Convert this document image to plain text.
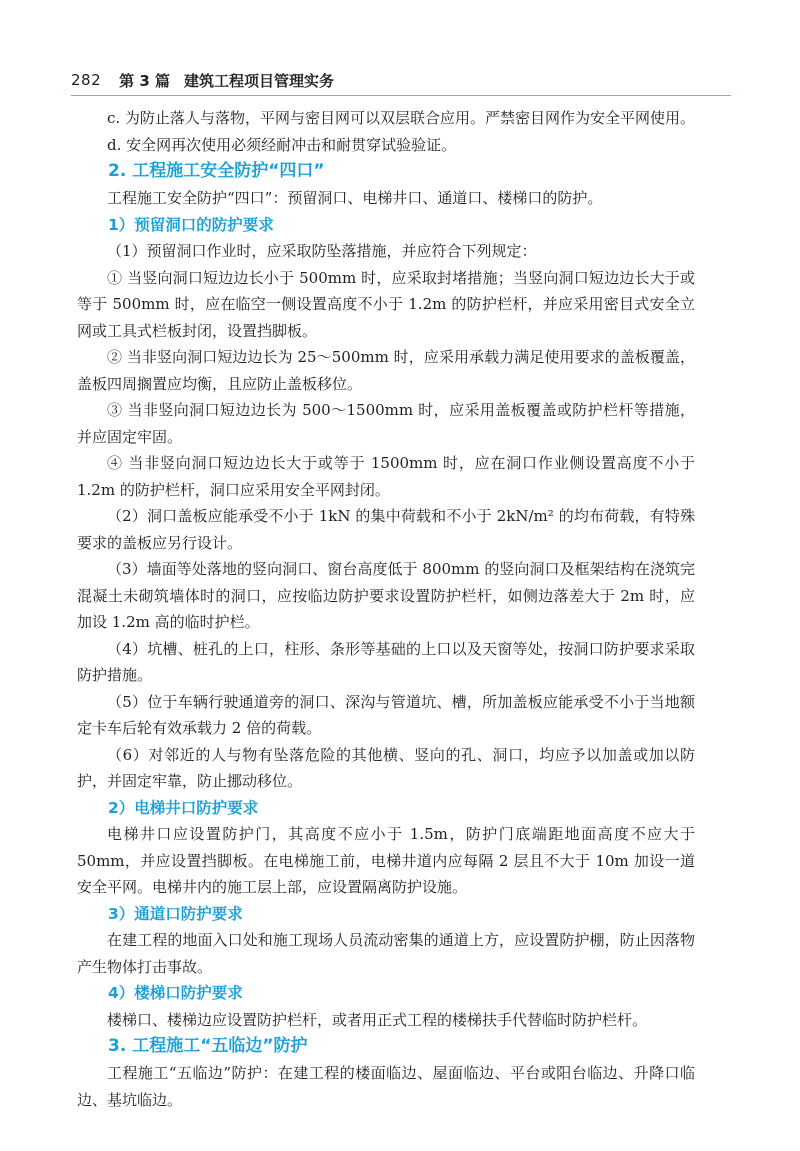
282 第 3 篇 建筑工程项目管理实务

c. 为防止落人与落物，平网与密目网可以双层联合应用。严禁密目网作为安全平网使用。

d. 安全网再次使用必须经耐冲击和耐贯穿试验验证。

2. 工程施工安全防护“四口”

工程施工安全防护“四口”：预留洞口、电梯井口、通道口、楼梯口的防护。

1）预留洞口的防护要求

（1）预留洞口作业时，应采取防坠落措施，并应符合下列规定：

① 当竖向洞口短边边长小于 500mm 时，应采取封堵措施；当竖向洞口短边边长大于或等于 500mm 时，应在临空一侧设置高度不小于 1.2m 的防护栏杆，并应采用密目式安全立网或工具式栏板封闭，设置挡脚板。

② 当非竖向洞口短边边长为 25～500mm 时，应采用承载力满足使用要求的盖板覆盖，盖板四周搁置应均衡，且应防止盖板移位。

③ 当非竖向洞口短边边长为 500～1500mm 时，应采用盖板覆盖或防护栏杆等措施，并应固定牢固。

④ 当非竖向洞口短边边长大于或等于 1500mm 时，应在洞口作业侧设置高度不小于 1.2m 的防护栏杆，洞口应采用安全平网封闭。

（2）洞口盖板应能承受不小于 1kN 的集中荷载和不小于 2kN/m² 的均布荷载，有特殊要求的盖板应另行设计。

（3）墙面等处落地的竖向洞口、窗台高度低于 800mm 的竖向洞口及框架结构在浇筑完混凝土未砌筑墙体时的洞口，应按临边防护要求设置防护栏杆，如侧边落差大于 2m 时，应加设 1.2m 高的临时护栏。

（4）坑槽、桩孔的上口，柱形、条形等基础的上口以及天窗等处，按洞口防护要求采取防护措施。

（5）位于车辆行驶通道旁的洞口、深沟与管道坑、槽，所加盖板应能承受不小于当地额定卡车后轮有效承载力 2 倍的荷载。

（6）对邻近的人与物有坠落危险的其他横、竖向的孔、洞口，均应予以加盖或加以防护，并固定牢靠，防止挪动移位。

2）电梯井口防护要求

电梯井口应设置防护门，其高度不应小于 1.5m，防护门底端距地面高度不应大于 50mm，并应设置挡脚板。在电梯施工前，电梯井道内应每隔 2 层且不大于 10m 加设一道安全平网。电梯井内的施工层上部，应设置隔离防护设施。

3）通道口防护要求

在建工程的地面入口处和施工现场人员流动密集的通道上方，应设置防护棚，防止因落物产生物体打击事故。

4）楼梯口防护要求

楼梯口、楼梯边应设置防护栏杆，或者用正式工程的楼梯扶手代替临时防护栏杆。

3. 工程施工“五临边”防护

工程施工“五临边”防护：在建工程的楼面临边、屋面临边、平台或阳台临边、升降口临边、基坑临边。
